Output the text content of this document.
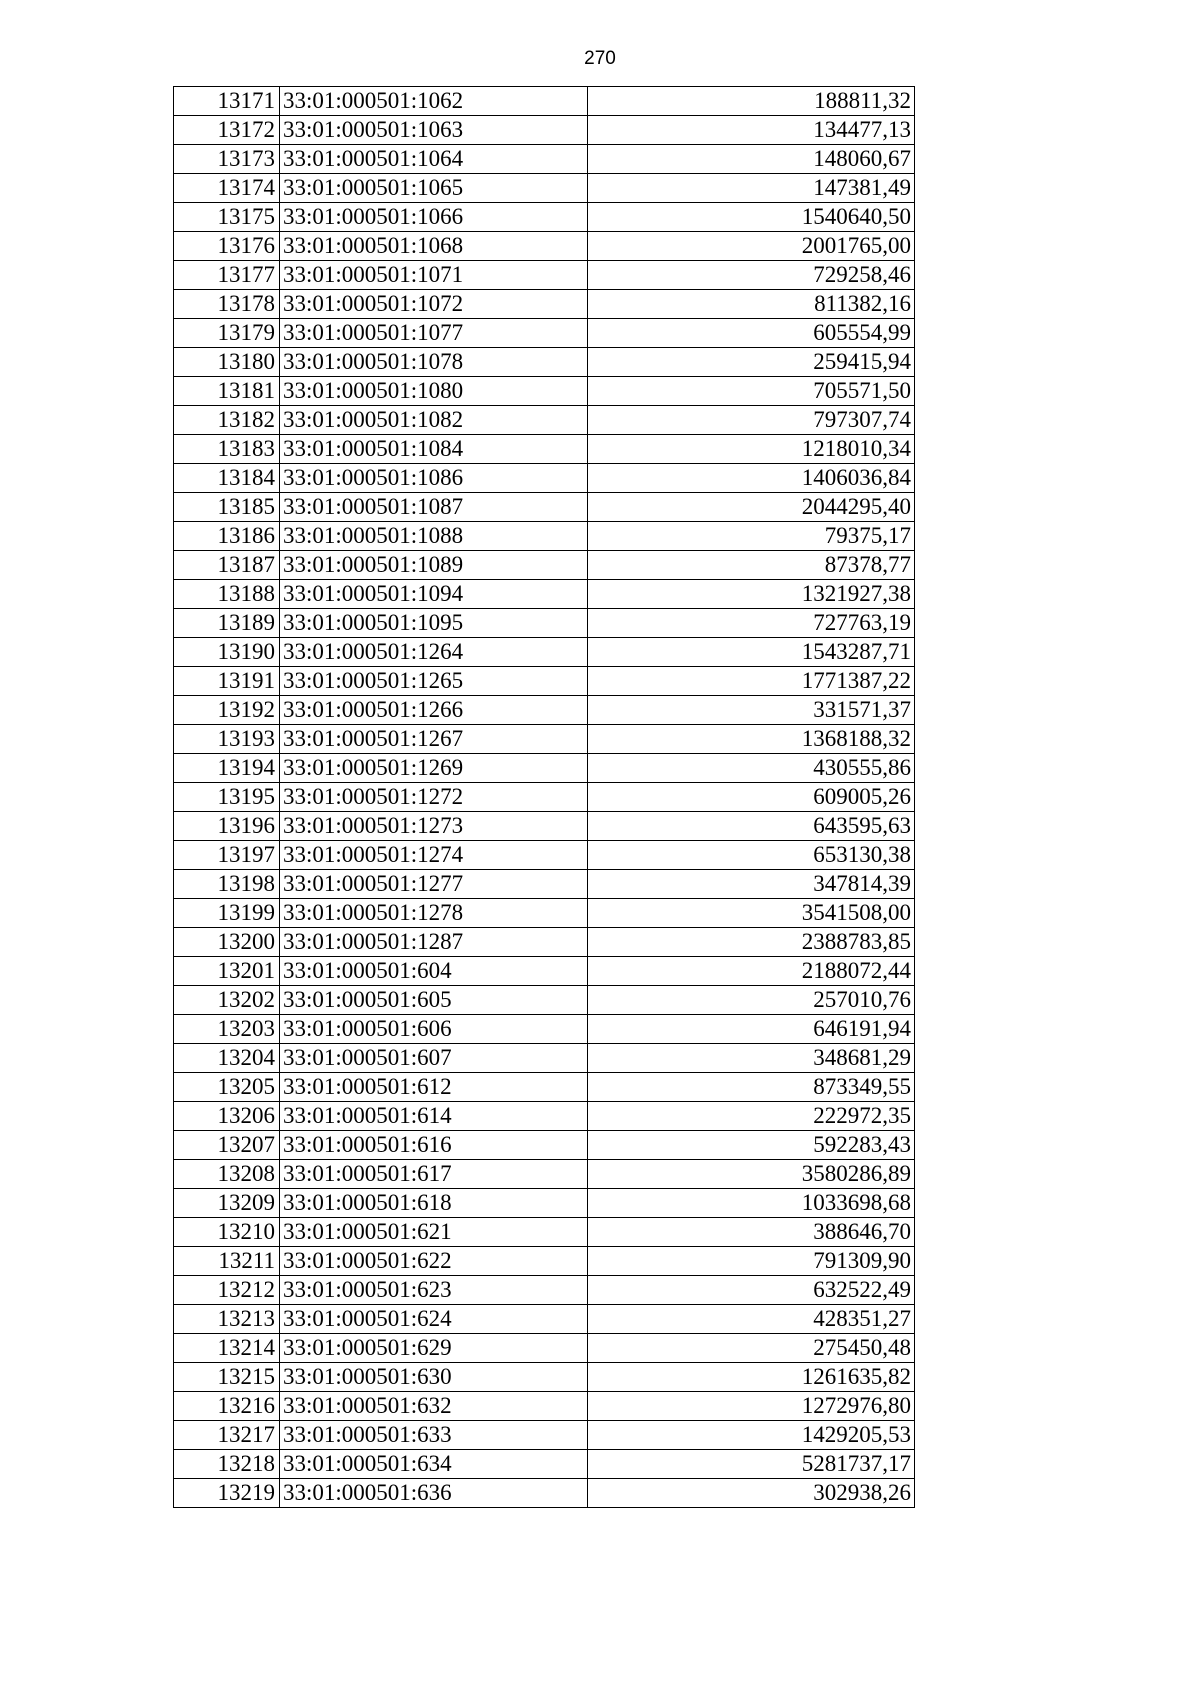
270
13171	33:01:000501:1062	188811,32
13172	33:01:000501:1063	134477,13
13173	33:01:000501:1064	148060,67
13174	33:01:000501:1065	147381,49
13175	33:01:000501:1066	1540640,50
13176	33:01:000501:1068	2001765,00
13177	33:01:000501:1071	729258,46
13178	33:01:000501:1072	811382,16
13179	33:01:000501:1077	605554,99
13180	33:01:000501:1078	259415,94
13181	33:01:000501:1080	705571,50
13182	33:01:000501:1082	797307,74
13183	33:01:000501:1084	1218010,34
13184	33:01:000501:1086	1406036,84
13185	33:01:000501:1087	2044295,40
13186	33:01:000501:1088	79375,17
13187	33:01:000501:1089	87378,77
13188	33:01:000501:1094	1321927,38
13189	33:01:000501:1095	727763,19
13190	33:01:000501:1264	1543287,71
13191	33:01:000501:1265	1771387,22
13192	33:01:000501:1266	331571,37
13193	33:01:000501:1267	1368188,32
13194	33:01:000501:1269	430555,86
13195	33:01:000501:1272	609005,26
13196	33:01:000501:1273	643595,63
13197	33:01:000501:1274	653130,38
13198	33:01:000501:1277	347814,39
13199	33:01:000501:1278	3541508,00
13200	33:01:000501:1287	2388783,85
13201	33:01:000501:604	2188072,44
13202	33:01:000501:605	257010,76
13203	33:01:000501:606	646191,94
13204	33:01:000501:607	348681,29
13205	33:01:000501:612	873349,55
13206	33:01:000501:614	222972,35
13207	33:01:000501:616	592283,43
13208	33:01:000501:617	3580286,89
13209	33:01:000501:618	1033698,68
13210	33:01:000501:621	388646,70
13211	33:01:000501:622	791309,90
13212	33:01:000501:623	632522,49
13213	33:01:000501:624	428351,27
13214	33:01:000501:629	275450,48
13215	33:01:000501:630	1261635,82
13216	33:01:000501:632	1272976,80
13217	33:01:000501:633	1429205,53
13218	33:01:000501:634	5281737,17
13219	33:01:000501:636	302938,26
